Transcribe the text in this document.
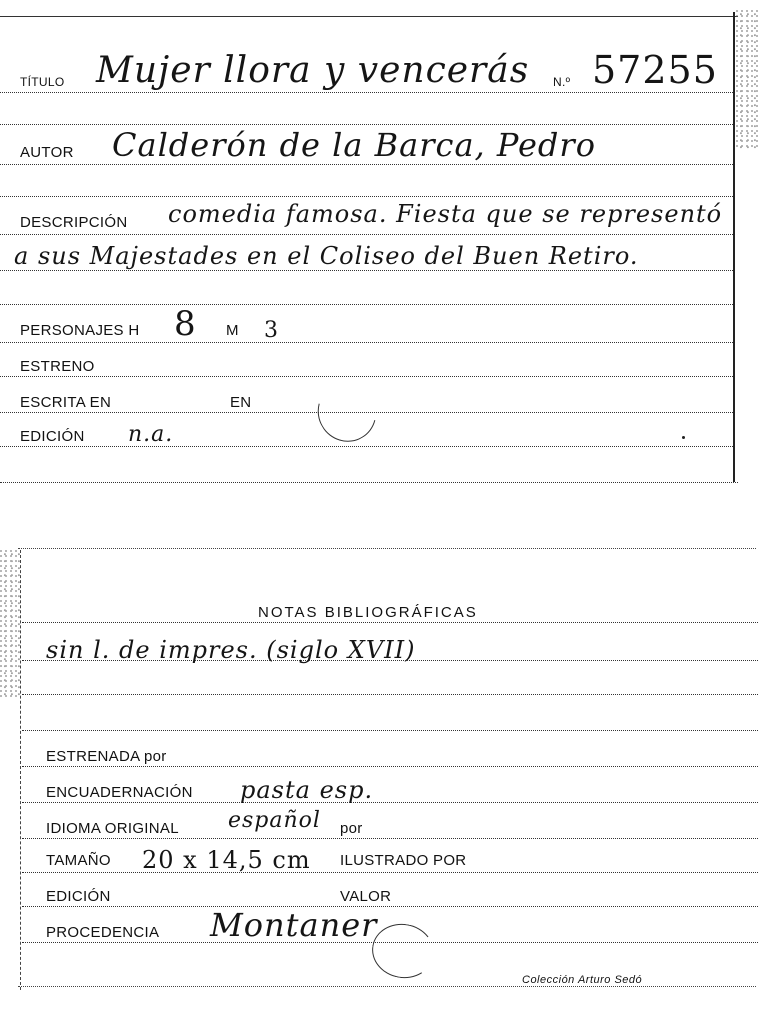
TÍTULO Mujer llora y vencerás N.º 57255
AUTOR Calderón de la Barca, Pedro
DESCRIPCIÓN comedia famosa. Fiesta que se representó
a sus Majestades en el Coliseo del Buen Retiro.
PERSONAJES H 8 M 3
ESTRENO
ESCRITA EN	EN
EDICIÓN n.a.
NOTAS BIBLIOGRÁFICAS
sin l. de impres. (siglo XVII)
ESTRENADA por
ENCUADERNACIÓN pasta esp.
IDIOMA ORIGINAL español por
TAMAÑO 20 x 14,5 cm ILUSTRADO POR
EDICIÓN	VALOR
PROCEDENCIA Montaner
Colección Arturo Sedó
